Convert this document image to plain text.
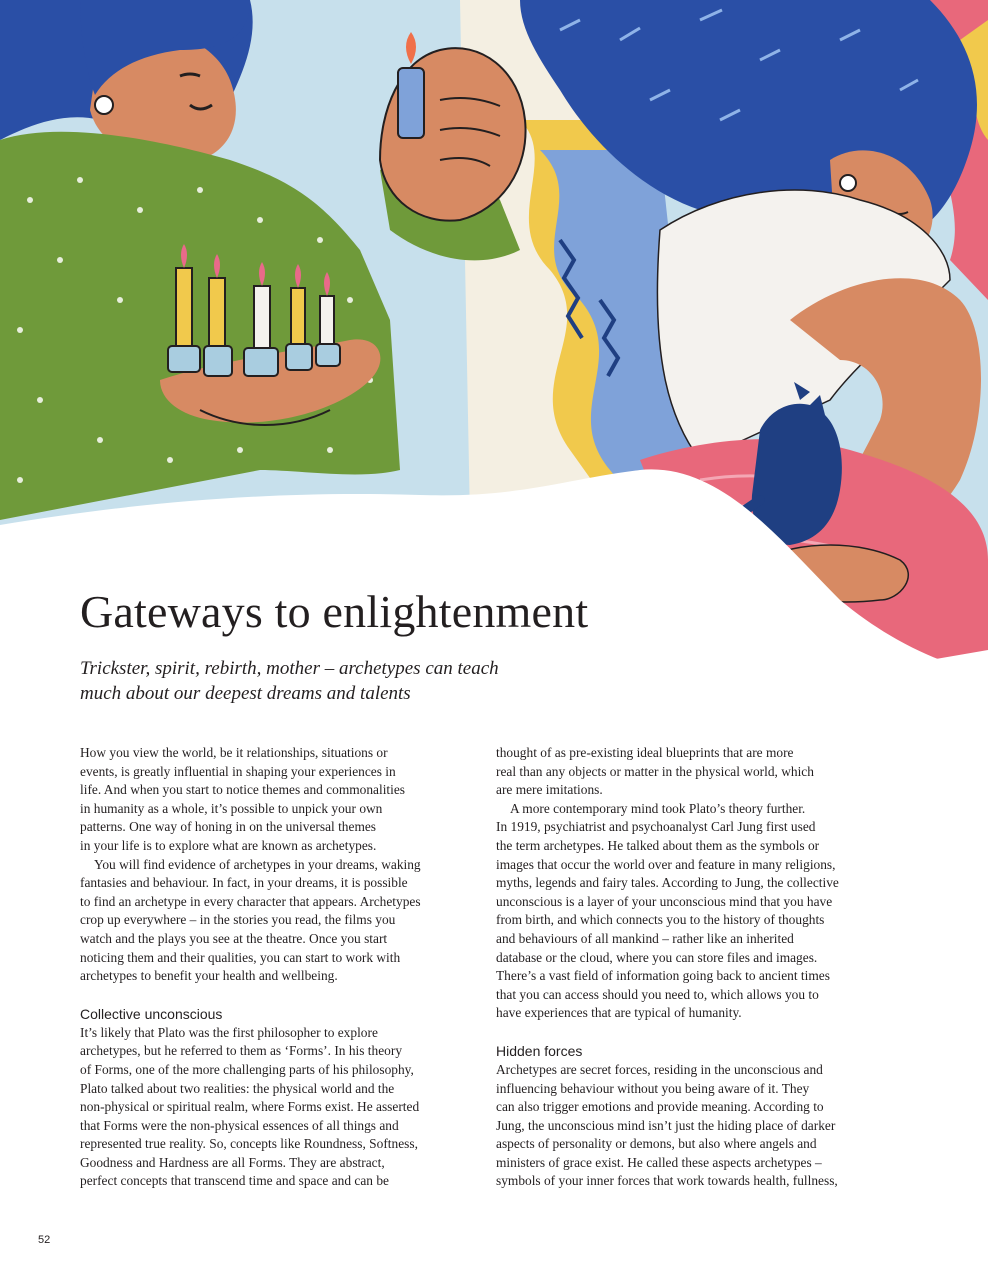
Gateways to enlightenment

Trickster, spirit, rebirth, mother – archetypes can teach
much about our deepest dreams and talents

How you view the world, be it relationships, situations or

events, is greatly influential in shaping your experiences in

life. And when you start to notice themes and commonalities

in humanity as a whole, it’s possible to unpick your own

patterns. One way of honing in on the universal themes

in your life is to explore what are known as archetypes.

You will find evidence of archetypes in your dreams, waking

fantasies and behaviour. In fact, in your dreams, it is possible

to find an archetype in every character that appears. Archetypes

crop up everywhere – in the stories you read, the films you

watch and the plays you see at the theatre. Once you start

noticing them and their qualities, you can start to work with

archetypes to benefit your health and wellbeing.

Collective unconscious

It’s likely that Plato was the first philosopher to explore

archetypes, but he referred to them as ‘Forms’. In his theory

of Forms, one of the more challenging parts of his philosophy,

Plato talked about two realities: the physical world and the

non-physical or spiritual realm, where Forms exist. He asserted

that Forms were the non-physical essences of all things and

represented true reality. So, concepts like Roundness, Softness,

Goodness and Hardness are all Forms. They are abstract,

perfect concepts that transcend time and space and can be

thought of as pre-existing ideal blueprints that are more

real than any objects or matter in the physical world, which

are mere imitations.

A more contemporary mind took Plato’s theory further.

In 1919, psychiatrist and psychoanalyst Carl Jung first used

the term archetypes. He talked about them as the symbols or

images that occur the world over and feature in many religions,

myths, legends and fairy tales. According to Jung, the collective

unconscious is a layer of your unconscious mind that you have

from birth, and which connects you to the history of thoughts

and behaviours of all mankind – rather like an inherited

database or the cloud, where you can store files and images.

There’s a vast field of information going back to ancient times

that you can access should you need to, which allows you to

have experiences that are typical of humanity.

Hidden forces

Archetypes are secret forces, residing in the unconscious and

influencing behaviour without you being aware of it. They

can also trigger emotions and provide meaning. According to

Jung, the unconscious mind isn’t just the hiding place of darker

aspects of personality or demons, but also where angels and

ministers of grace exist. He called these aspects archetypes –

symbols of your inner forces that work towards health, fullness,

52
